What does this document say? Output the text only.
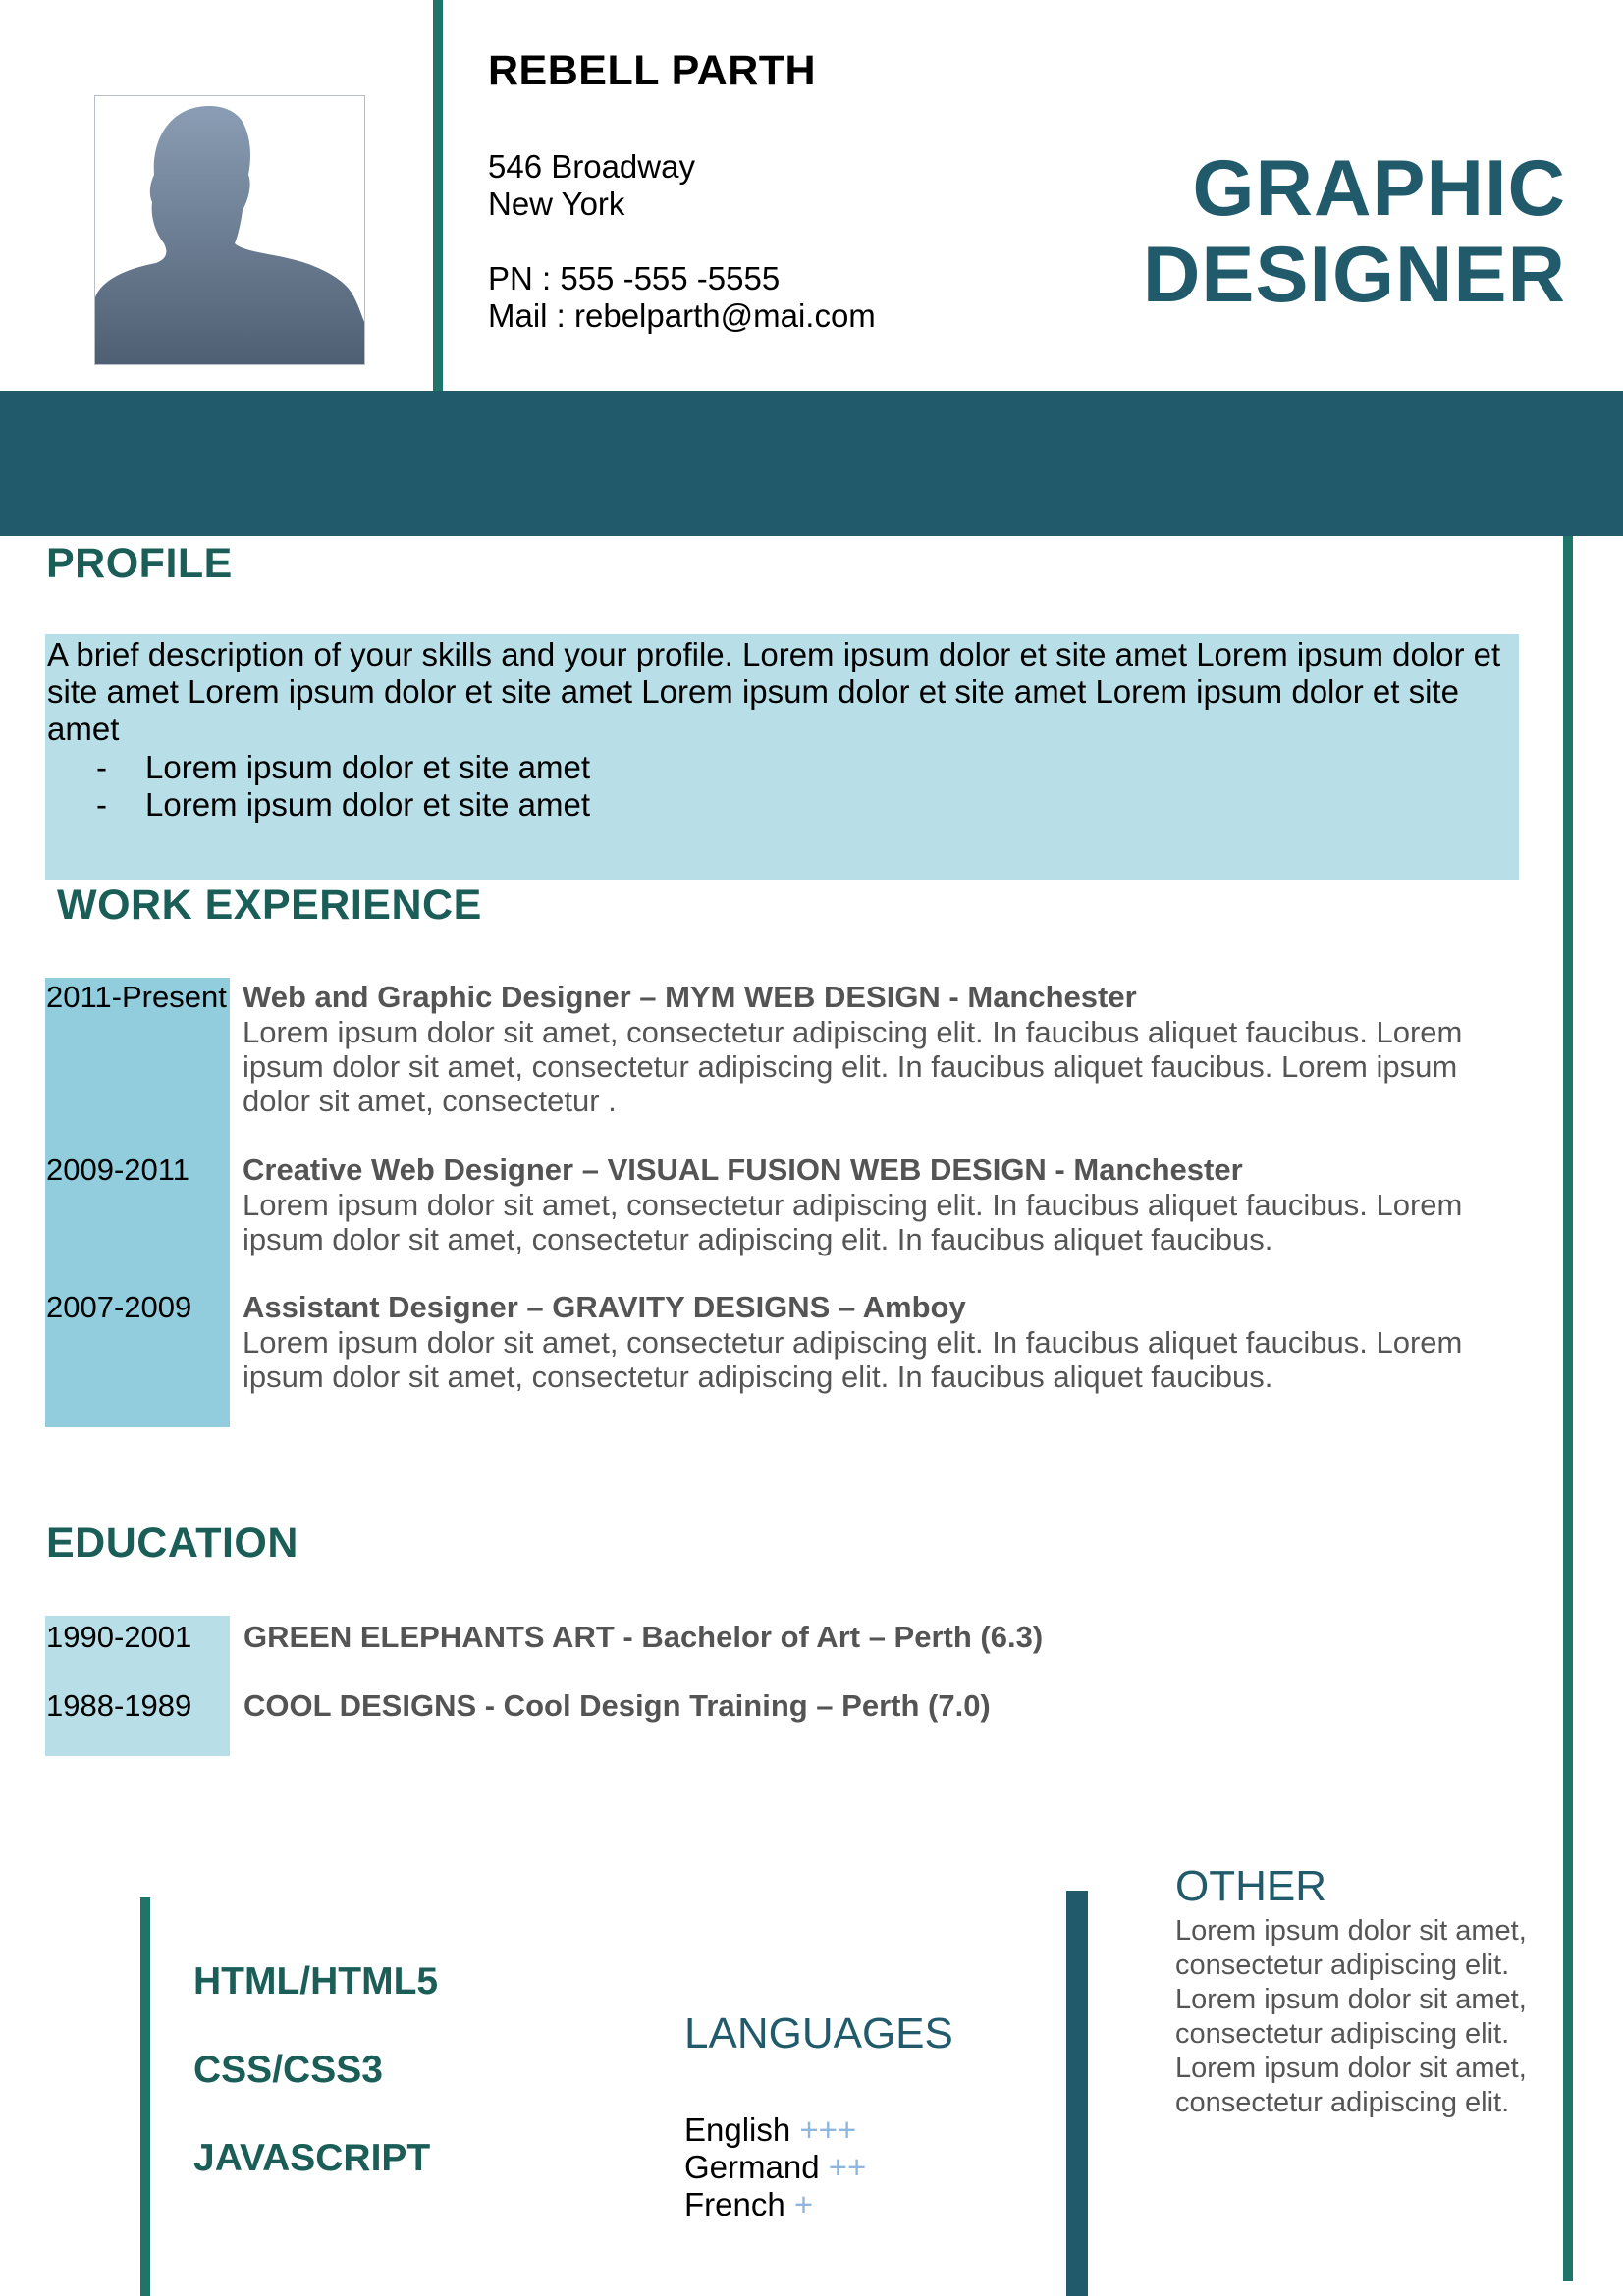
REBELL PARTH
546 Broadway
New York
PN : 555 -555 -5555
Mail : rebelparth@mai.com
GRAPHIC
DESIGNER
PROFILE
A brief description of your skills and your profile. Lorem ipsum dolor et site amet Lorem ipsum dolor et site amet Lorem ipsum dolor et site amet Lorem ipsum dolor et site amet Lorem ipsum dolor et site amet
- Lorem ipsum dolor et site amet
- Lorem ipsum dolor et site amet
WORK EXPERIENCE
2011-Present Web and Graphic Designer – MYM WEB DESIGN - Manchester
Lorem ipsum dolor sit amet, consectetur adipiscing elit. In faucibus aliquet faucibus. Lorem ipsum dolor sit amet, consectetur adipiscing elit. In faucibus aliquet faucibus. Lorem ipsum dolor sit amet, consectetur .
2009-2011 Creative Web Designer – VISUAL FUSION WEB DESIGN - Manchester
Lorem ipsum dolor sit amet, consectetur adipiscing elit. In faucibus aliquet faucibus. Lorem ipsum dolor sit amet, consectetur adipiscing elit. In faucibus aliquet faucibus.
2007-2009 Assistant Designer – GRAVITY DESIGNS – Amboy
Lorem ipsum dolor sit amet, consectetur adipiscing elit. In faucibus aliquet faucibus. Lorem ipsum dolor sit amet, consectetur adipiscing elit. In faucibus aliquet faucibus.
EDUCATION
1990-2001 GREEN ELEPHANTS ART - Bachelor of Art – Perth (6.3)
1988-1989 COOL DESIGNS - Cool Design Training – Perth (7.0)
HTML/HTML5
CSS/CSS3
JAVASCRIPT
LANGUAGES
English +++
Germand ++
French +
OTHER
Lorem ipsum dolor sit amet, consectetur adipiscing elit. Lorem ipsum dolor sit amet, consectetur adipiscing elit. Lorem ipsum dolor sit amet, consectetur adipiscing elit.
